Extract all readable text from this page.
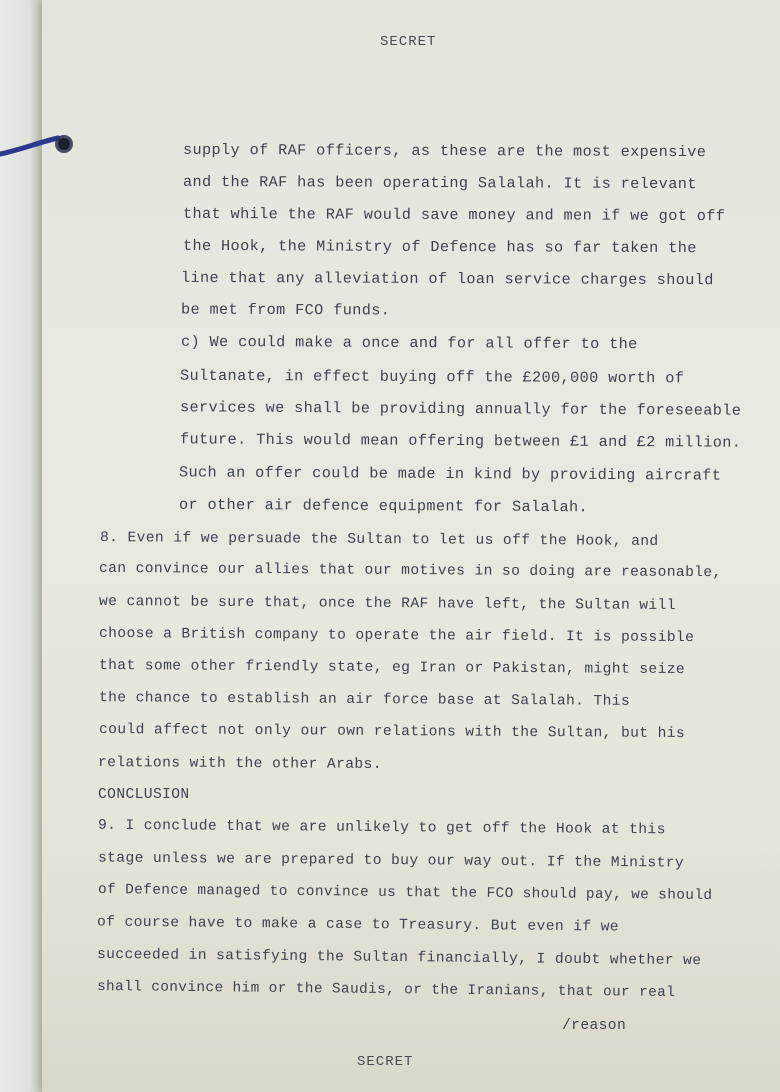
SECRET
supply of RAF officers, as these are the most expensive
and the RAF has been operating Salalah. It is relevant
that while the RAF would save money and men if we got off
the Hook, the Ministry of Defence has so far taken the
line that any alleviation of loan service charges should
be met from FCO funds.
c) We could make a once and for all offer to the
Sultanate, in effect buying off the £200,000 worth of
services we shall be providing annually for the foreseeable
future. This would mean offering between £1 and £2 million.
Such an offer could be made in kind by providing aircraft
or other air defence equipment for Salalah.
8. Even if we persuade the Sultan to let us off the Hook, and
can convince our allies that our motives in so doing are reasonable,
we cannot be sure that, once the RAF have left, the Sultan will
choose a British company to operate the air field. It is possible
that some other friendly state, eg Iran or Pakistan, might seize
the chance to establish an air force base at Salalah. This
could affect not only our own relations with the Sultan, but his
relations with the other Arabs.
CONCLUSION
9. I conclude that we are unlikely to get off the Hook at this
stage unless we are prepared to buy our way out. If the Ministry
of Defence managed to convince us that the FCO should pay, we should
of course have to make a case to Treasury. But even if we
succeeded in satisfying the Sultan financially, I doubt whether we
shall convince him or the Saudis, or the Iranians, that our real
/reason
SECRET
